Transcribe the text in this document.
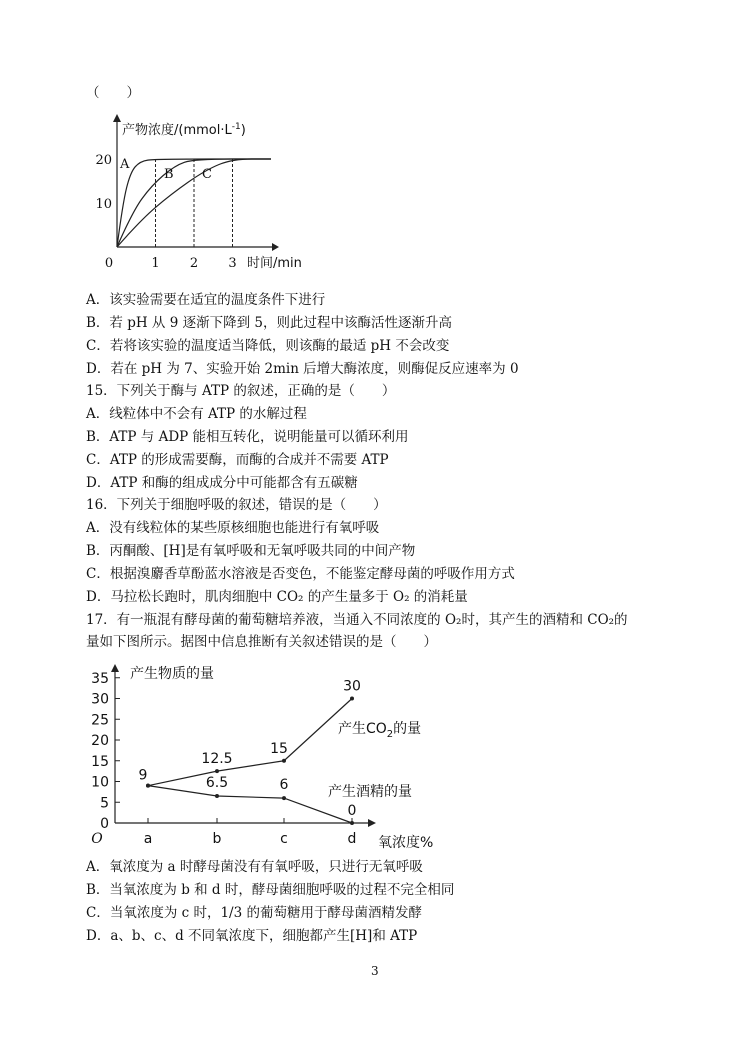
（　　）
1 2 3
0
20
10
产物浓度$/(mmol\cdot L^{-1})$
时间/min
A
B C
A．该实验需要在适宜的温度条件下进行
B．若 pH 从 9 逐渐下降到 5，则此过程中该酶活性逐渐升高
C．若将该实验的温度适当降低，则该酶的最适 pH 不会改变
D．若在 pH 为 7、实验开始 2min 后增大酶浓度，则酶促反应速率为 0
15．下列关于酶与 ATP 的叙述，正确的是（　　）
A．线粒体中不会有 ATP 的水解过程
B．ATP 与 ADP 能相互转化，说明能量可以循环利用
C．ATP 的形成需要酶，而酶的合成并不需要 ATP
D．ATP 和酶的组成成分中可能都含有五碳糖
16．下列关于细胞呼吸的叙述，错误的是（　　）
A．没有线粒体的某些原核细胞也能进行有氧呼吸
B．丙酮酸、[H]是有氧呼吸和无氧呼吸共同的中间产物
C．根据溴麝香草酚蓝水溶液是否变色，不能鉴定酵母菌的呼吸作用方式
D．马拉松长跑时，肌肉细胞中 CO₂ 的产生量多于 O₂ 的消耗量
17．有一瓶混有酵母菌的葡萄糖培养液，当通入不同浓度的 O₂时，其产生的酒精和 CO₂的
量如下图所示。据图中信息推断有关叙述错误的是（　　）
35
30
25
20
15
10
5
0
a	b	c	d
O
产生物质的量
氧浓度%
9
12.5
15
30
6.5	6
0
产生$CO_2$的量
产生酒精的量
A．氧浓度为 a 时酵母菌没有有氧呼吸，只进行无氧呼吸
B．当氧浓度为 b 和 d 时，酵母菌细胞呼吸的过程不完全相同
C．当氧浓度为 c 时，1/3 的葡萄糖用于酵母菌酒精发酵
D．a、b、c、d 不同氧浓度下，细胞都产生[H]和 ATP
3
